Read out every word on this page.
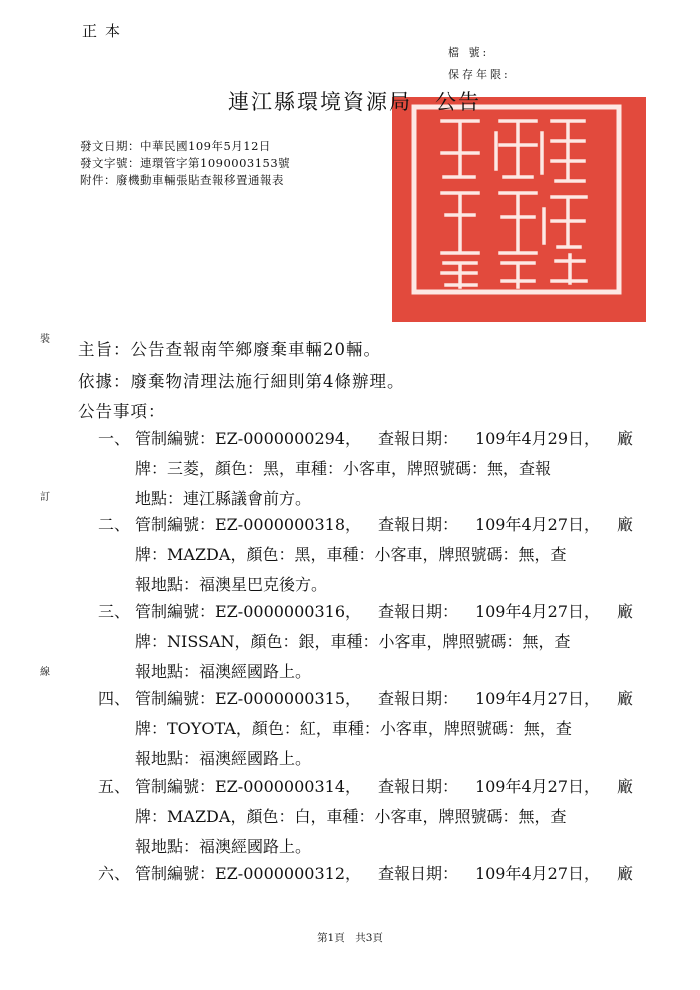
正本
檔 號:
保存年限:
連江縣環境資源局　公告
發文日期：中華民國109年5月12日
發文字號：連環管字第1090003153號
附件：廢機動車輛張貼查報移置通報表
裝
訂
線
主旨：公告查報南竿鄉廢棄車輛20輛。
依據：廢棄物清理法施行細則第4條辦理。
公告事項：
一、 管制編號：EZ-0000000294， 查報日期： 109年4月29日， 廠
牌：三菱，顏色：黑，車種：小客車，牌照號碼：無，查報
地點：連江縣議會前方。
二、 管制編號：EZ-0000000318， 查報日期： 109年4月27日， 廠
牌：MAZDA，顏色：黑，車種：小客車，牌照號碼：無，查
報地點：福澳星巴克後方。
三、 管制編號：EZ-0000000316， 查報日期： 109年4月27日， 廠
牌：NISSAN，顏色：銀，車種：小客車，牌照號碼：無，查
報地點：福澳經國路上。
四、 管制編號：EZ-0000000315， 查報日期： 109年4月27日， 廠
牌：TOYOTA，顏色：紅，車種：小客車，牌照號碼：無，查
報地點：福澳經國路上。
五、 管制編號：EZ-0000000314， 查報日期： 109年4月27日， 廠
牌：MAZDA，顏色：白，車種：小客車，牌照號碼：無，查
報地點：福澳經國路上。
六、 管制編號：EZ-0000000312， 查報日期： 109年4月27日， 廠
第1頁　共3頁
